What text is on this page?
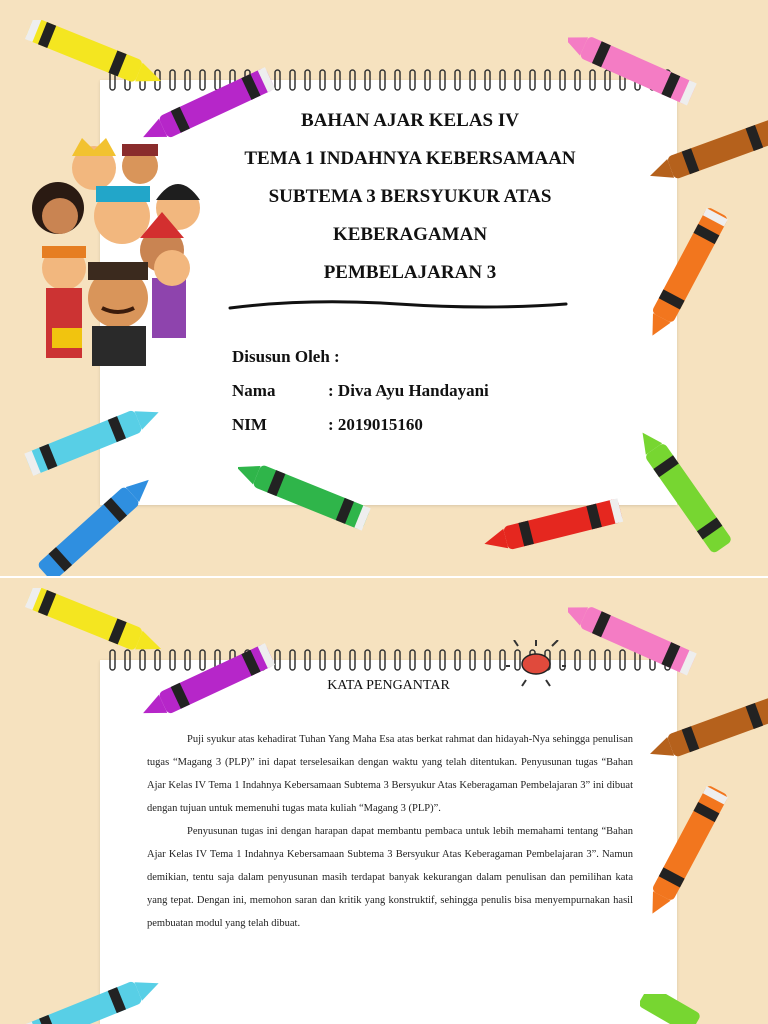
BAHAN AJAR KELAS IV
TEMA 1 INDAHNYA KEBERSAMAAN
SUBTEMA 3 BERSYUKUR ATAS
KEBERAGAMAN
PEMBELAJARAN 3
Disusun Oleh :
Nama	: Diva Ayu Handayani
NIM	: 2019015160
KATA PENGANTAR

Puji syukur atas kehadirat Tuhan Yang Maha Esa atas berkat rahmat dan hidayah-Nya sehingga penulisan tugas “Magang 3 (PLP)” ini dapat terselesaikan dengan waktu yang telah ditentukan. Penyusunan tugas “Bahan Ajar Kelas IV Tema 1 Indahnya Kebersamaan Subtema 3 Bersyukur Atas Keberagaman Pembelajaran 3” ini dibuat dengan tujuan untuk memenuhi tugas mata kuliah “Magang 3 (PLP)”.

Penyusunan tugas ini dengan harapan dapat membantu pembaca untuk lebih memahami tentang “Bahan Ajar Kelas IV Tema 1 Indahnya Kebersamaan Subtema 3 Bersyukur Atas Keberagaman Pembelajaran 3”. Namun demikian, tentu saja dalam penyusunan masih terdapat banyak kekurangan dalam penulisan dan pemilihan kata yang tepat. Dengan ini, memohon saran dan kritik yang konstruktif, sehingga penulis bisa menyempurnakan hasil pembuatan modul yang telah dibuat.
